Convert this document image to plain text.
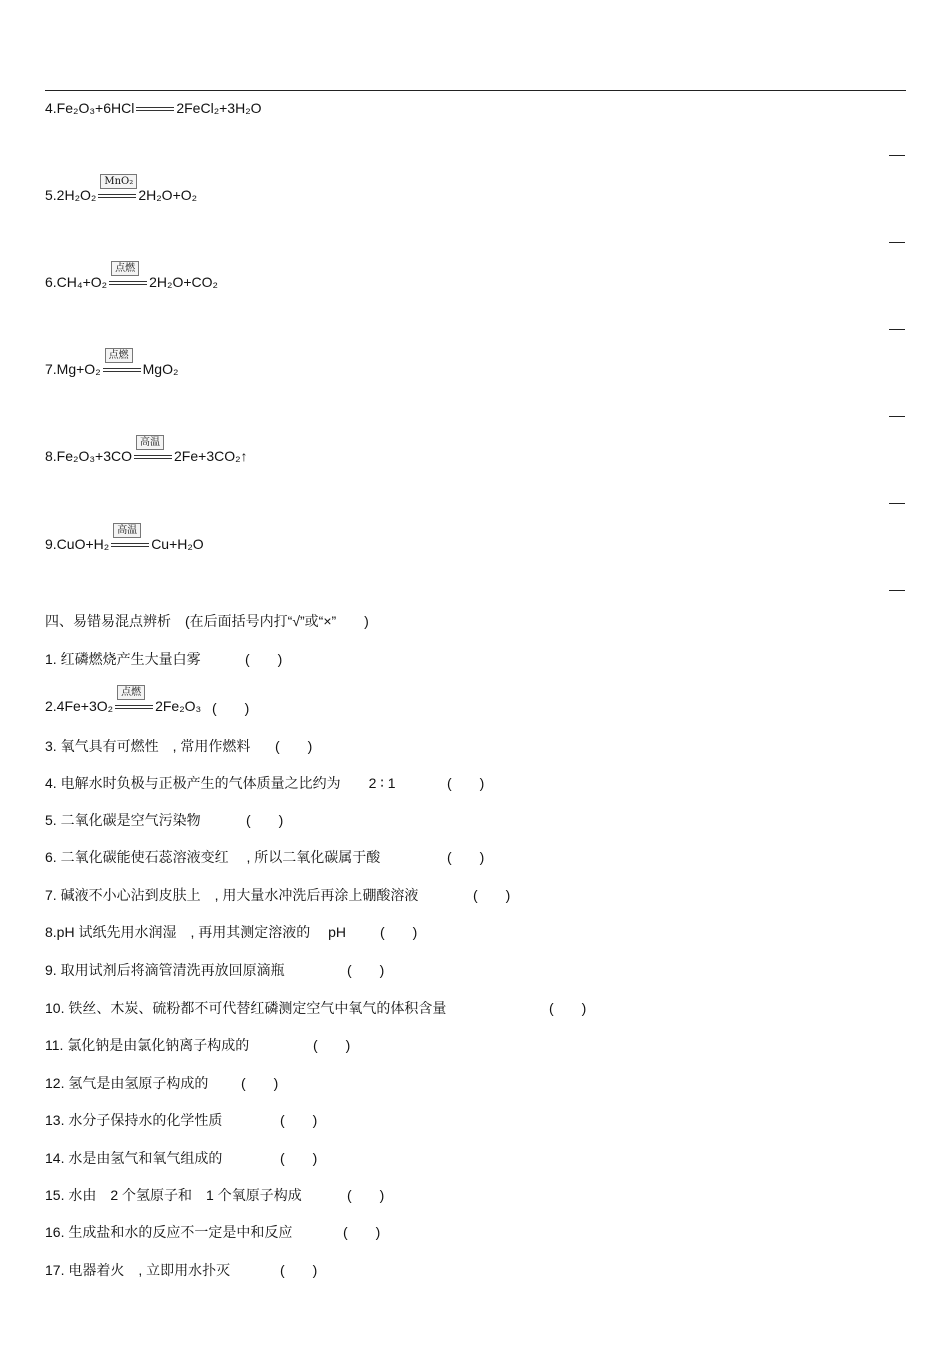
4.Fe₂O₃+6HCl	2FeCl₂+3H₂O
5.2H₂O₂
MnO₂
2H₂O+O₂
6.CH₄+O₂
点燃
2H₂O+CO₂
7.Mg+O₂
点燃
MgO₂
8.Fe₂O₃+3CO
高温
2Fe+3CO₂↑
9.CuO+H₂
高温
Cu+H₂O
四、易错易混点辨析　(在后面括号内打“√”或“×”　　)
1. 红磷燃烧产生大量白雾	(　　)
2.4Fe+3O₂
点燃
2Fe₂O₃ (　　)
3. 氧气具有可燃性　, 常用作燃料 (　　)
4. 电解水时负极与正极产生的气体质量之比约为　　2 ∶ 1	(　　)
5. 二氧化碳是空气污染物	(　　)
6. 二氧化碳能使石蕊溶液变红　 , 所以二氧化碳属于酸	(　　)
7. 碱液不小心沾到皮肤上　, 用大量水冲洗后再涂上硼酸溶液	(　　)
8.pH 试纸先用水润湿　, 再用其测定溶液的　 pH (　　)
9. 取用试剂后将滴管清洗再放回原滴瓶	(　　)
10. 铁丝、木炭、硫粉都不可代替红磷测定空气中氧气的体积含量	(　　)
11. 氯化钠是由氯化钠离子构成的	(　　)
12. 氢气是由氢原子构成的 (　　)
13. 水分子保持水的化学性质	(　　)
14. 水是由氢气和氧气组成的	(　　)
15. 水由　2 个氢原子和　1 个氧原子构成	(　　)
16. 生成盐和水的反应不一定是中和反应	(　　)
17. 电器着火　, 立即用水扑灭	(　　)
